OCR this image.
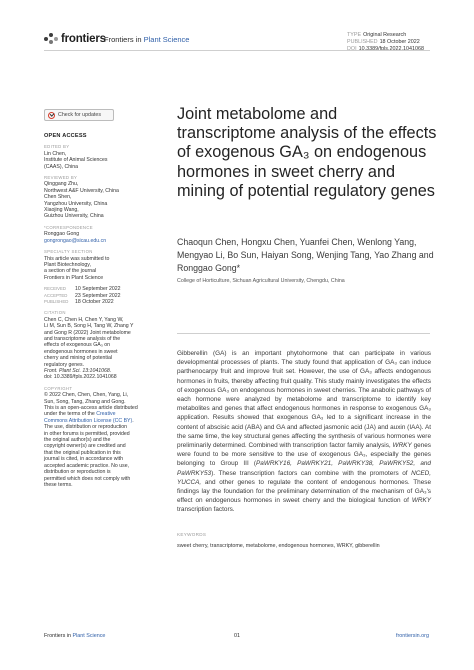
frontiers
Frontiers in Plant Science	TYPE Original Research
PUBLISHED 18 October 2022
DOI 10.3389/fpls.2022.1041068
Check for updates
OPEN ACCESS
EDITED BY
Lin Chen,
Institute of Animal Sciences
(CAAS), China
REVIEWED BY
Qinggang Zhu,
Northwest A&F University, China
Chen Shen,
Yangzhou University, China
Xiaojing Wang,
Guizhou University, China
*CORRESPONDENCE
Ronggao Gong
gongrongao@sicau.edu.cn
SPECIALTY SECTION
This article was submitted to
Plant Biotechnology,
a section of the journal
Frontiers in Plant Science
RECEIVED 10 September 2022
ACCEPTED 23 September 2022
PUBLISHED 18 October 2022
CITATION
Chen C, Chen H, Chen Y, Yang W,
Li M, Sun B, Song H, Tang W, Zhang Y
and Gong R (2022) Joint metabolome
and transcriptome analysis of the
effects of exogenous GA₃ on
endogenous hormones in sweet
cherry and mining of potential
regulatory genes.
Front. Plant Sci. 13:1041068.
doi: 10.3389/fpls.2022.1041068
COPYRIGHT
© 2022 Chen, Chen, Chen, Yang, Li,
Sun, Song, Tang, Zhang and Gong.
This is an open-access article distributed
under the terms of the Creative
Commons Attribution License (CC BY).
The use, distribution or reproduction
in other forums is permitted, provided
the original author(s) and the
copyright owner(s) are credited and
that the original publication in this
journal is cited, in accordance with
accepted academic practice. No use,
distribution or reproduction is
permitted which does not comply with
these terms.
Joint metabolome and transcriptome analysis of the effects of exogenous GA₃ on endogenous hormones in sweet cherry and mining of potential regulatory genes
Chaoqun Chen, Hongxu Chen, Yuanfei Chen, Wenlong Yang, Mengyao Li, Bo Sun, Haiyan Song, Wenjing Tang, Yao Zhang and Ronggao Gong*
College of Horticulture, Sichuan Agricultural University, Chengdu, China
Gibberellin (GA) is an important phytohormone that can participate in various developmental processes of plants. The study found that application of GA₃ can induce parthenocarpy fruit and improve fruit set. However, the use of GA₃ affects endogenous hormones in fruits, thereby affecting fruit quality. This study mainly investigates the effects of exogenous GA₃ on endogenous hormones in sweet cherries. The anabolic pathways of each hormone were analyzed by metabolome and transcriptome to identify key metabolites and genes that affect endogenous hormones in response to exogenous GA₃ application. Results showed that exogenous GA₃ led to a significant increase in the content of abscisic acid (ABA) and GA and affected jasmonic acid (JA) and auxin (IAA). At the same time, the key structural genes affecting the synthesis of various hormones were preliminarily determined. Combined with transcription factor family analysis, WRKY genes were found to be more sensitive to the use of exogenous GA₃, especially the genes belonging to Group III (PaWRKY16, PaWRKY21, PaWRKY38, PaWRKY52, and PaWRKY53). These transcription factors can combine with the promoters of NCED, YUCCA, and other genes to regulate the content of endogenous hormones. These findings lay the foundation for the preliminary determination of the mechanism of GA₃'s effect on endogenous hormones in sweet cherry and the biological function of WRKY transcription factors.
KEYWORDS
sweet cherry, transcriptome, metabolome, endogenous hormones, WRKY, gibberellin
Frontiers in Plant Science	01	frontiersin.org
